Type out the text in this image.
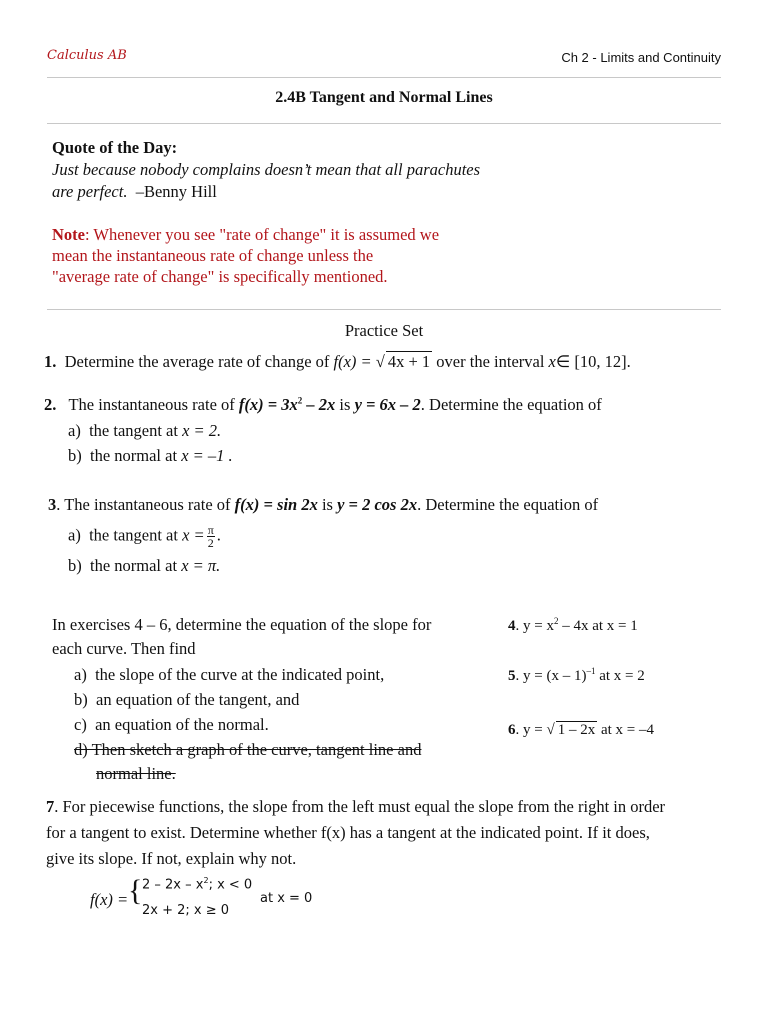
Calculus AB	Ch 2 - Limits and Continuity
2.4B Tangent and Normal Lines
Quote of the Day:
Just because nobody complains doesn’t mean that all parachutes
are perfect. –Benny Hill
Note: Whenever you see "rate of change" it is assumed we
mean the instantaneous rate of change unless the
"average rate of change" is specifically mentioned.
Practice Set
1. Determine the average rate of change of f(x) = √ 4x + 1 over the interval x∈ [10, 12].
2. The instantaneous rate of $f(x) = 3x^2 - 2x$ is y = 6x – 2. Determine the equation of
a) the tangent at x = 2.
b) the normal at x = –1 .
3. The instantaneous rate of f(x) = sin 2x is y = 2 cos 2x. Determine the equation of
a) the tangent at $x = \frac{\pi}{2}$ .
b) the normal at x = π.
In exercises 4 – 6, determine the equation of the slope for
each curve. Then find
a) the slope of the curve at the indicated point,
b) an equation of the tangent, and
c) an equation of the normal.
d) Then sketch a graph of the curve, tangent line and
normal line.
4. $y = x^2 - 4x$ at x = 1
5. y = (x – 1)$^{-1}$ at x = 2
6. y = √ 1 – 2x at x = –4
7. For piecewise functions, the slope from the left must equal the slope from the right in order
for a tangent to exist. Determine whether f(x) has a tangent at the indicated point. If it does,
give its slope. If not, explain why not.
f(x) = { $2 - 2x - x^2$; x < 0
2x + 2; x ≥ 0
at x = 0
